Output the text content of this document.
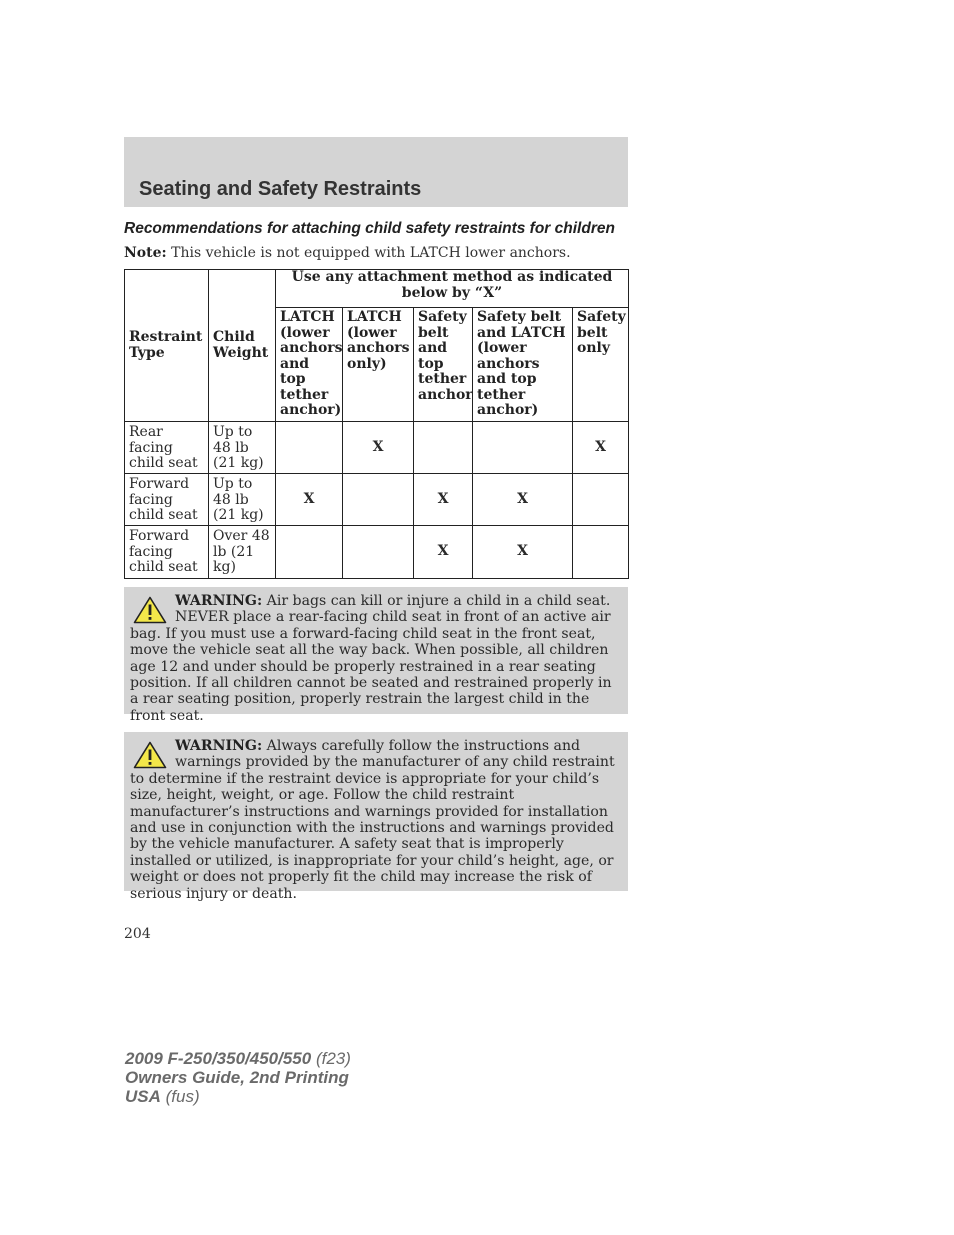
Seating and Safety Restraints
Recommendations for attaching child safety restraints for children
Note: This vehicle is not equipped with LATCH lower anchors.
Restraint Type	Child Weight	Use any attachment method as indicated below by “X”				
		LATCH (lower anchors and top tether anchor)	LATCH (lower anchors only)	Safety belt and top tether anchor	Safety belt and LATCH (lower anchors and top tether anchor)	Safety belt only
Rear facing child seat	Up to 48 lb (21 kg)		X			X
Forward facing child seat	Up to 48 lb (21 kg)	X		X	X	
Forward facing child seat	Over 48 lb (21 kg)			X	X	
WARNING: Air bags can kill or injure a child in a child seat. NEVER place a rear-facing child seat in front of an active air bag. If you must use a forward-facing child seat in the front seat, move the vehicle seat all the way back. When possible, all children age 12 and under should be properly restrained in a rear seating position. If all children cannot be seated and restrained properly in a rear seating position, properly restrain the largest child in the front seat.
WARNING: Always carefully follow the instructions and warnings provided by the manufacturer of any child restraint to determine if the restraint device is appropriate for your child’s size, height, weight, or age. Follow the child restraint manufacturer’s instructions and warnings provided for installation and use in conjunction with the instructions and warnings provided by the vehicle manufacturer. A safety seat that is improperly installed or utilized, is inappropriate for your child’s height, age, or weight or does not properly fit the child may increase the risk of serious injury or death.
204
2009 F-250/350/450/550 (f23)
Owners Guide, 2nd Printing
USA (fus)
